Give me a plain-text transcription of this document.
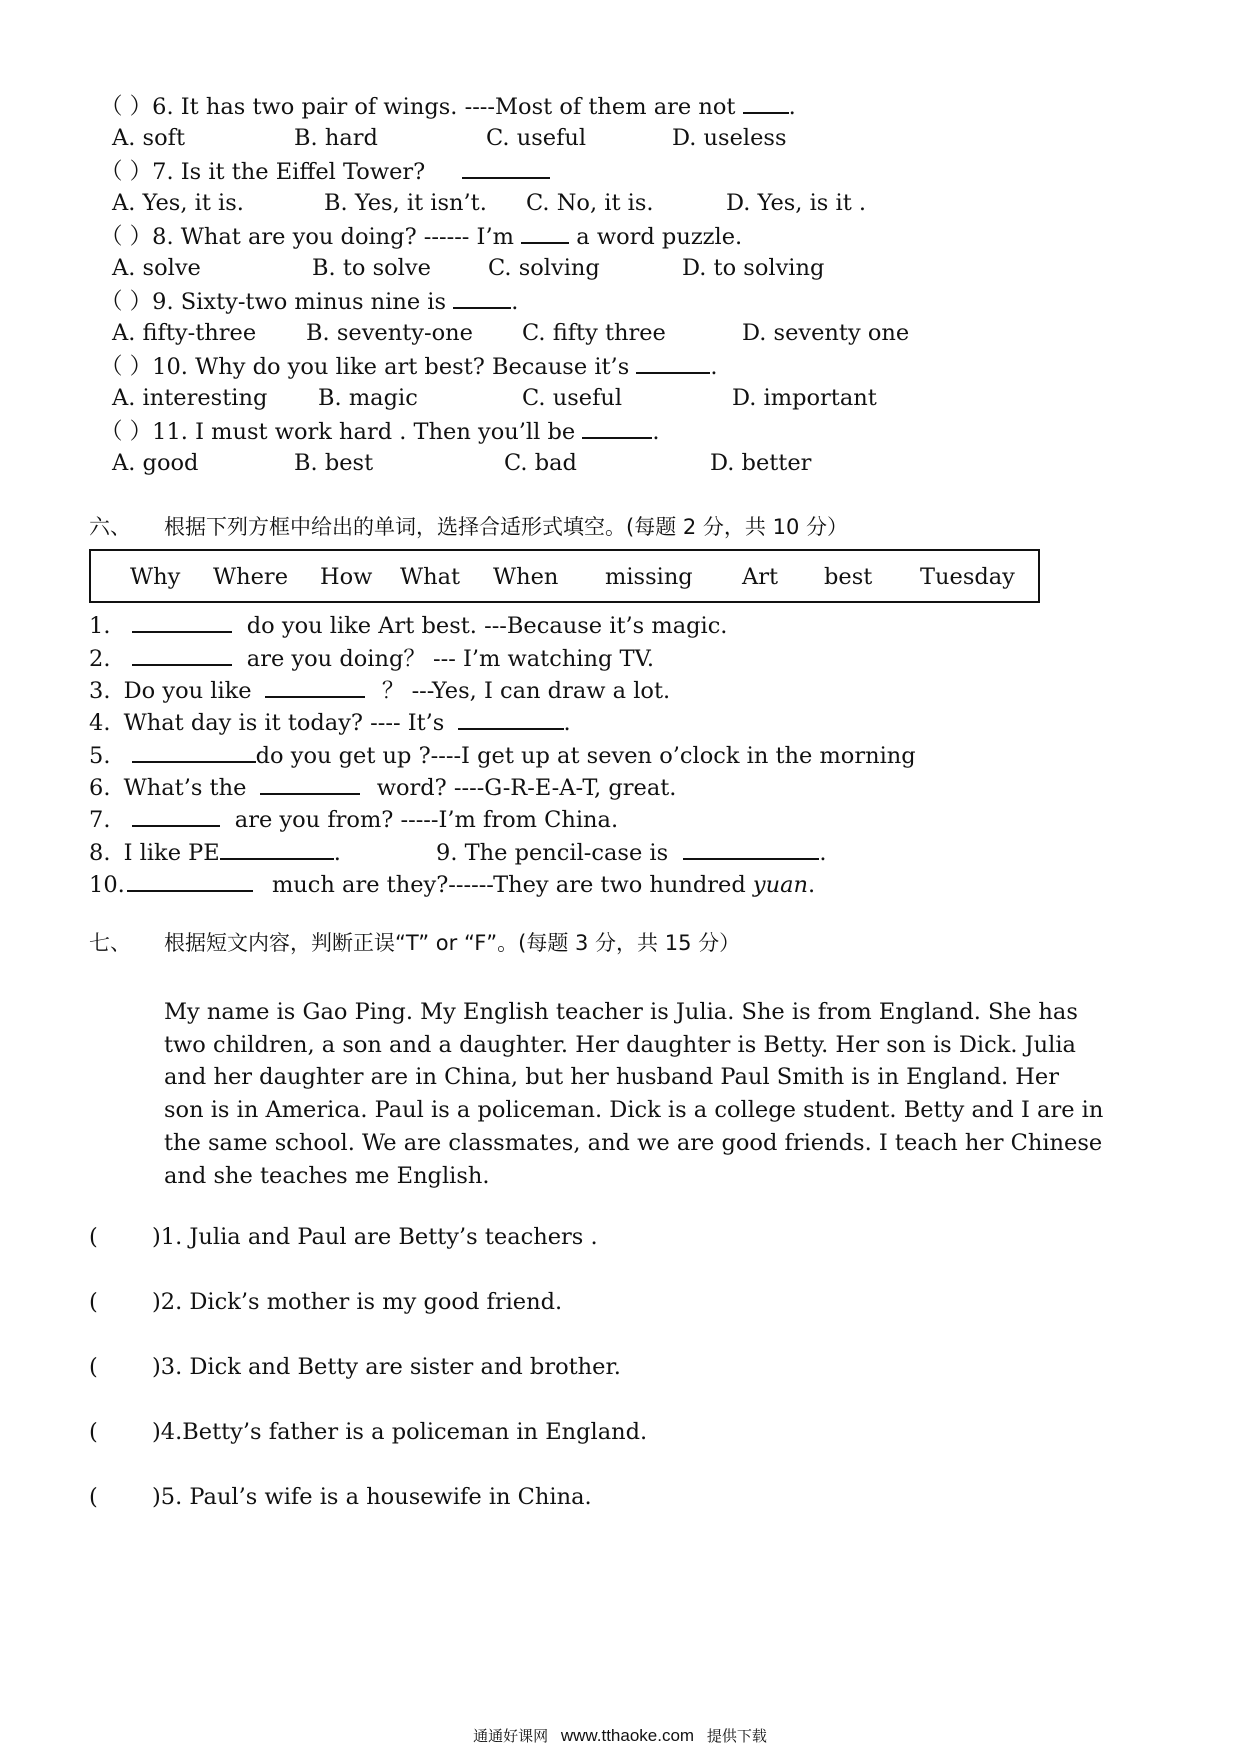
（ ）6. It has two pair of wings. ----Most of them are not .
A. soft	B. hard	C. useful	D. useless
（ ）7. Is it the Eiffel Tower?
A. Yes, it is.	B. Yes, it isn’t. C. No, it is.	D. Yes, is it .
（ ）8. What are you doing? ------ I’m	a word puzzle.
A. solve	B. to solve	C. solving	D. to solving
（ ）9. Sixty-two minus nine is	.
A. fifty-three B. seventy-one C. fifty three	D. seventy one
（ ）10. Why do you like art best? Because it’s	.
A. interesting B. magic	C. useful	D. important
（ ）11. I must work hard . Then you’ll be	.
A. good	B. best	C. bad	D. better
六、 根据下列方框中给出的单词，选择合适形式填空。(每题 2 分，共 10 分）
Why Where How What When missing Art best Tuesday
1.	do you like Art best. ---Because it’s magic.
2.	are you doing？ --- I’m watching TV.
3. Do you like	？ ---Yes, I can draw a lot.
4. What day is it today? ---- It’s	.
5.	do you get up ?----I get up at seven o’clock in the morning
6. What’s the	word? ----G-R-E-A-T, great.
7.	are you from? -----I’m from China.
8. I like PE	.	9. The pencil-case is	.
10.	much are they?------They are two hundred yuan.
七、 根据短文内容，判断正误“T” or “F”。(每题 3 分，共 15 分）
My name is Gao Ping. My English teacher is Julia. She is from England. She has
two children, a son and a daughter. Her daughter is Betty. Her son is Dick. Julia
and her daughter are in China, but her husband Paul Smith is in England. Her
son is in America. Paul is a policeman. Dick is a college student. Betty and I are in
the same school. We are classmates, and we are good friends. I teach her Chinese
and she teaches me English.
( )1. Julia and Paul are Betty’s teachers .
( )2. Dick’s mother is my good friend.
( )3. Dick and Betty are sister and brother.
( )4.Betty’s father is a policeman in England.
( )5. Paul’s wife is a housewife in China.
通通好课网 www.tthaoke.com 提供下载
